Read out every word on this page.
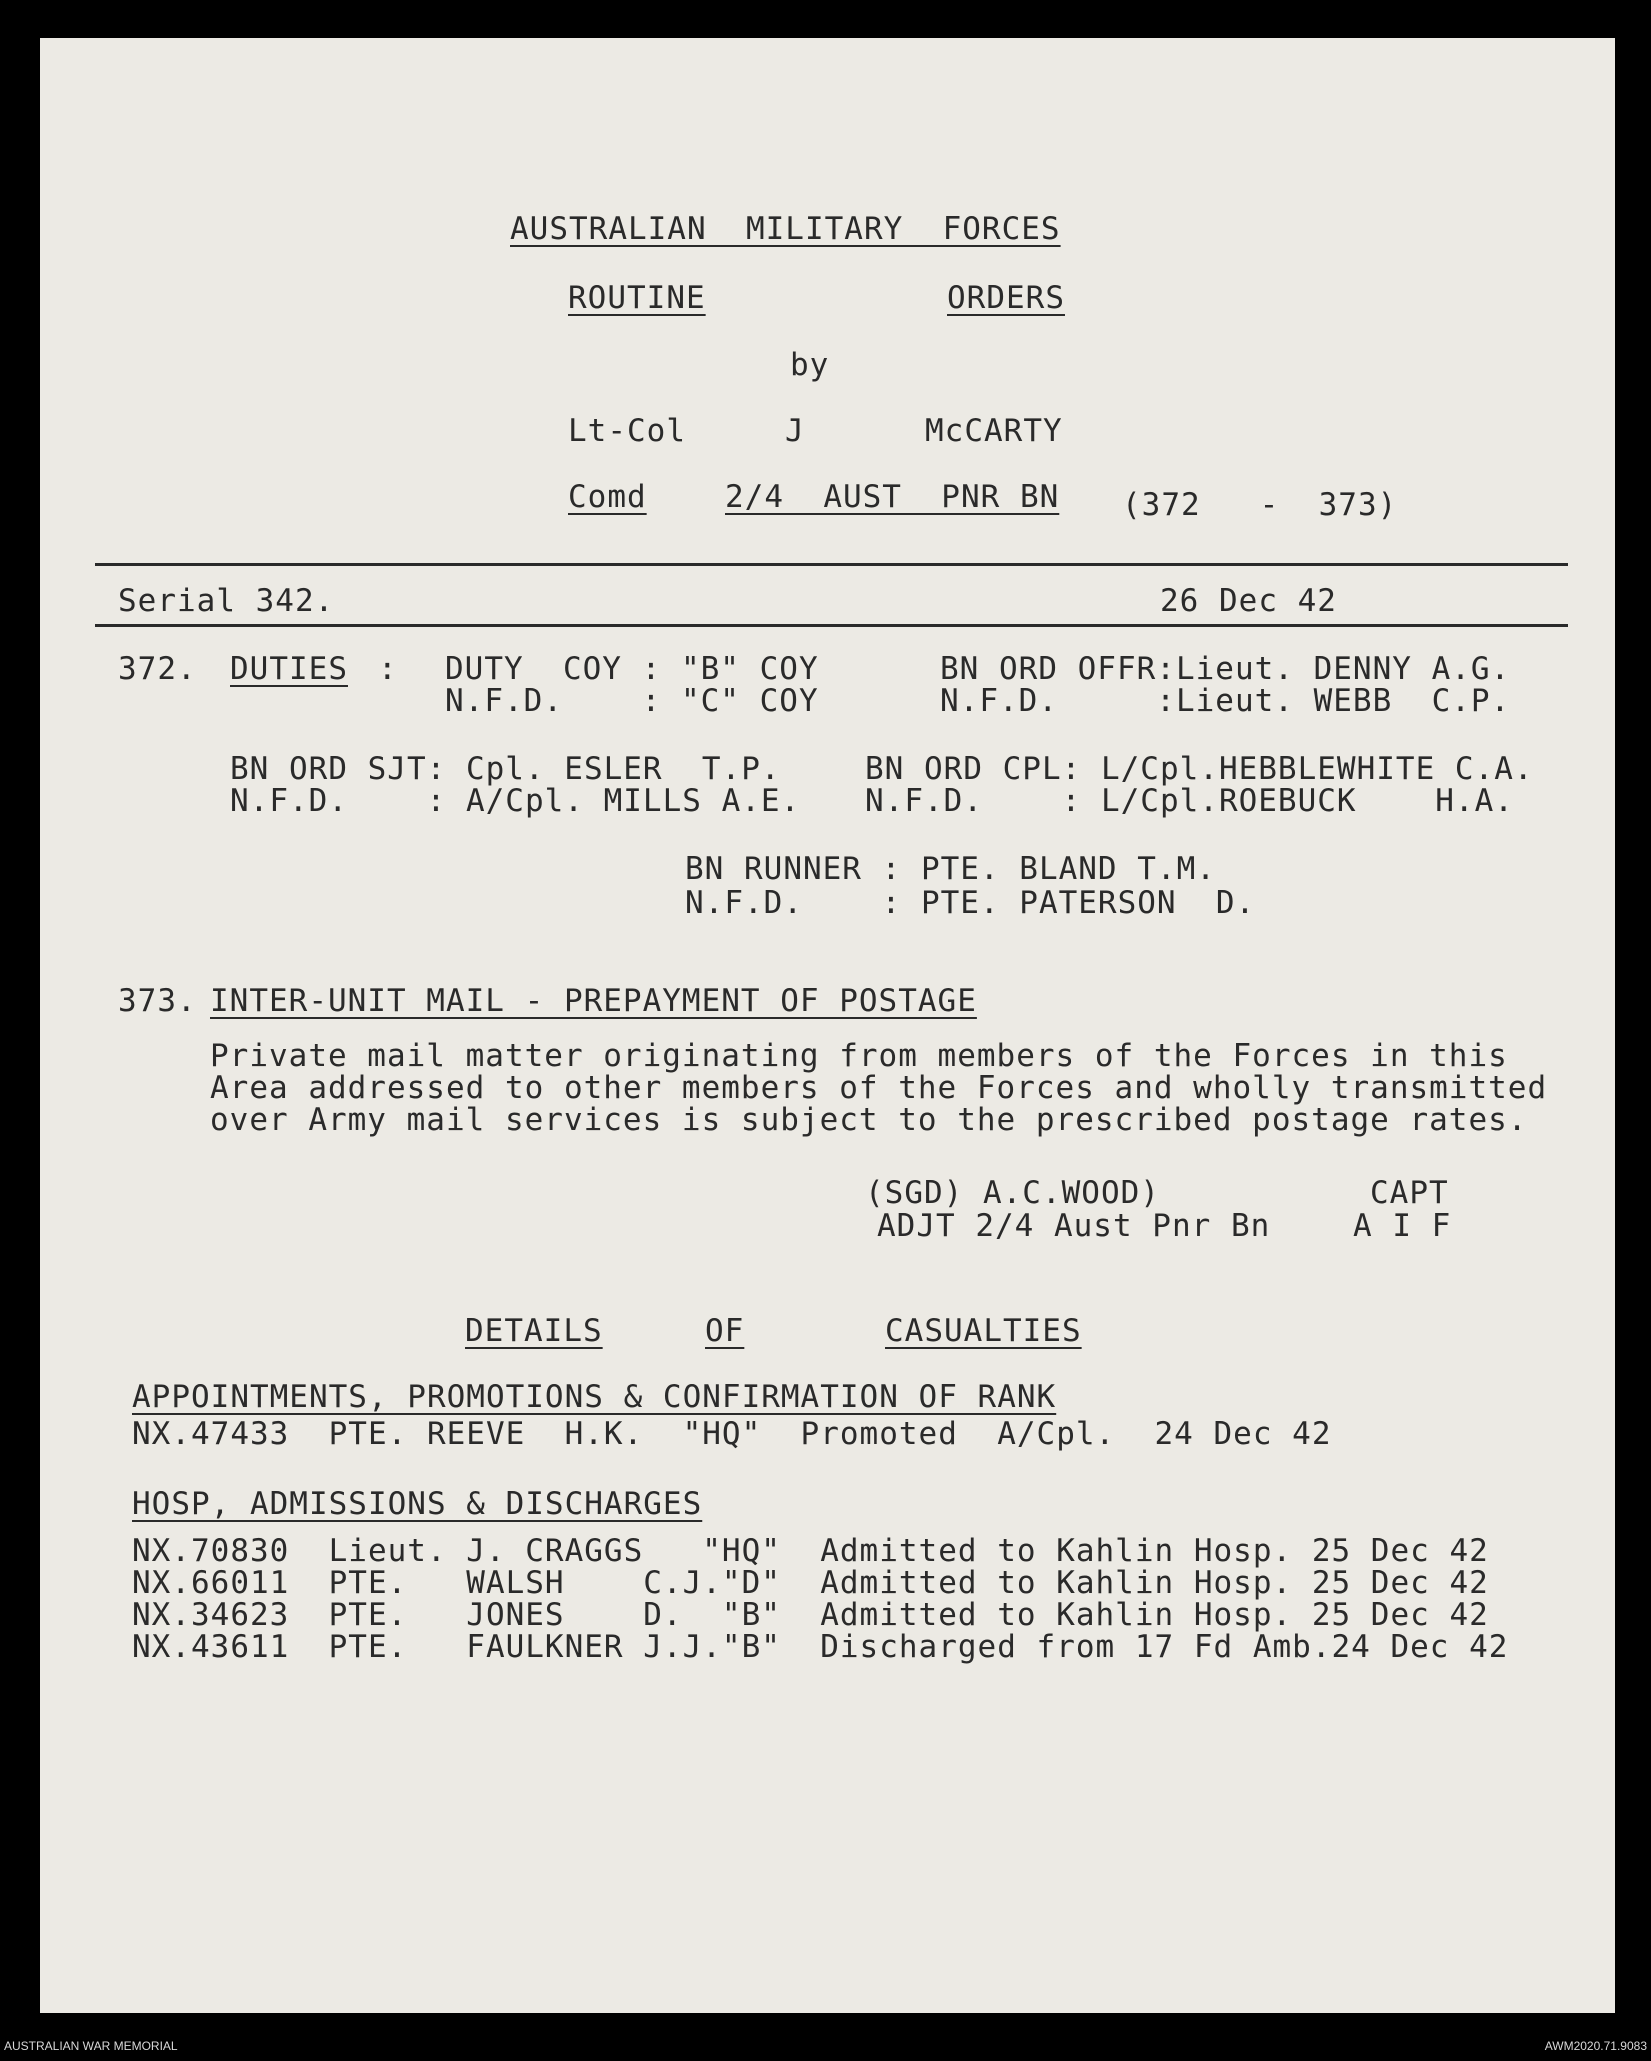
AUSTRALIAN  MILITARY  FORCES
ROUTINE	ORDERS
by
Lt-Col	J	McCARTY
Comd	2/4  AUST  PNR BN (372   -  373)
Serial 342.	26 Dec 42
372. DUTIES : DUTY  COY : "B" COY
N.F.D.    : "C" COY
BN ORD OFFR:Lieut. DENNY A.G.
N.F.D.     :Lieut. WEBB  C.P.
BN ORD SJT: Cpl. ESLER  T.P.
N.F.D.    : A/Cpl. MILLS A.E.
BN ORD CPL: L/Cpl.HEBBLEWHITE C.A.
N.F.D.    : L/Cpl.ROEBUCK    H.A.
BN RUNNER : PTE. BLAND T.M.
N.F.D.    : PTE. PATERSON  D.
373. INTER-UNIT MAIL - PREPAYMENT OF POSTAGE
Private mail matter originating from members of the Forces in this
Area addressed to other members of the Forces and wholly transmitted
over Army mail services is subject to the prescribed postage rates.
(SGD) A.C.WOOD)	CAPT
ADJT 2/4 Aust Pnr Bn	A I F
DETAILS	OF	CASUALTIES
APPOINTMENTS, PROMOTIONS & CONFIRMATION OF RANK
NX.47433  PTE. REEVE  H.K.  "HQ"  Promoted  A/Cpl.  24 Dec 42
HOSP, ADMISSIONS & DISCHARGES
NX.70830  Lieut. J. CRAGGS   "HQ"  Admitted to Kahlin Hosp. 25 Dec 42
NX.66011  PTE.   WALSH    C.J."D"  Admitted to Kahlin Hosp. 25 Dec 42
NX.34623  PTE.   JONES    D.  "B"  Admitted to Kahlin Hosp. 25 Dec 42
NX.43611  PTE.   FAULKNER J.J."B"  Discharged from 17 Fd Amb.24 Dec 42
AUSTRALIAN WAR MEMORIAL	AWM2020.71.9083
